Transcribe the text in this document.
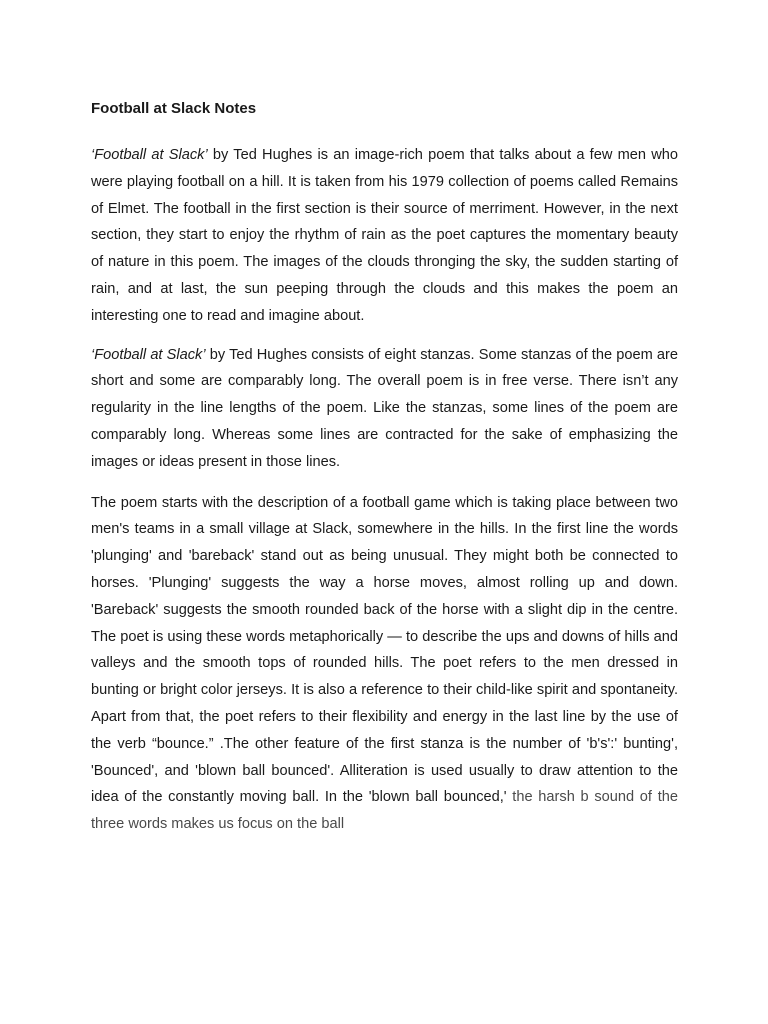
Football at Slack Notes

‘Football at Slack’ by Ted Hughes is an image-rich poem that talks about a few men who were playing football on a hill. It is taken from his 1979 collection of poems called Remains of Elmet. The football in the first section is their source of merriment. However, in the next section, they start to enjoy the rhythm of rain as the poet captures the momentary beauty of nature in this poem. The images of the clouds thronging the sky, the sudden starting of rain, and at last, the sun peeping through the clouds and this makes the poem an interesting one to read and imagine about.

‘Football at Slack’ by Ted Hughes consists of eight stanzas. Some stanzas of the poem are short and some are comparably long. The overall poem is in free verse. There isn’t any regularity in the line lengths of the poem. Like the stanzas, some lines of the poem are comparably long. Whereas some lines are contracted for the sake of emphasizing the images or ideas present in those lines.

The poem starts with the description of a football game which is taking place between two men's teams in a small village at Slack, somewhere in the hills. In the first line the words 'plunging' and 'bareback' stand out as being unusual. They might both be connected to horses. 'Plunging' suggests the way a horse moves, almost rolling up and down. 'Bareback' suggests the smooth rounded back of the horse with a slight dip in the centre. The poet is using these words metaphorically — to describe the ups and downs of hills and valleys and the smooth tops of rounded hills. The poet refers to the men dressed in bunting or bright color jerseys. It is also a reference to their child-like spirit and spontaneity. Apart from that, the poet refers to their flexibility and energy in the last line by the use of the verb “bounce.” .The other feature of the first stanza is the number of 'b's':' bunting', 'Bounced', and 'blown ball bounced'. Alliteration is used usually to draw attention to the idea of the constantly moving ball. In the 'blown ball bounced,' the harsh b sound of the three words makes us focus on the ball
